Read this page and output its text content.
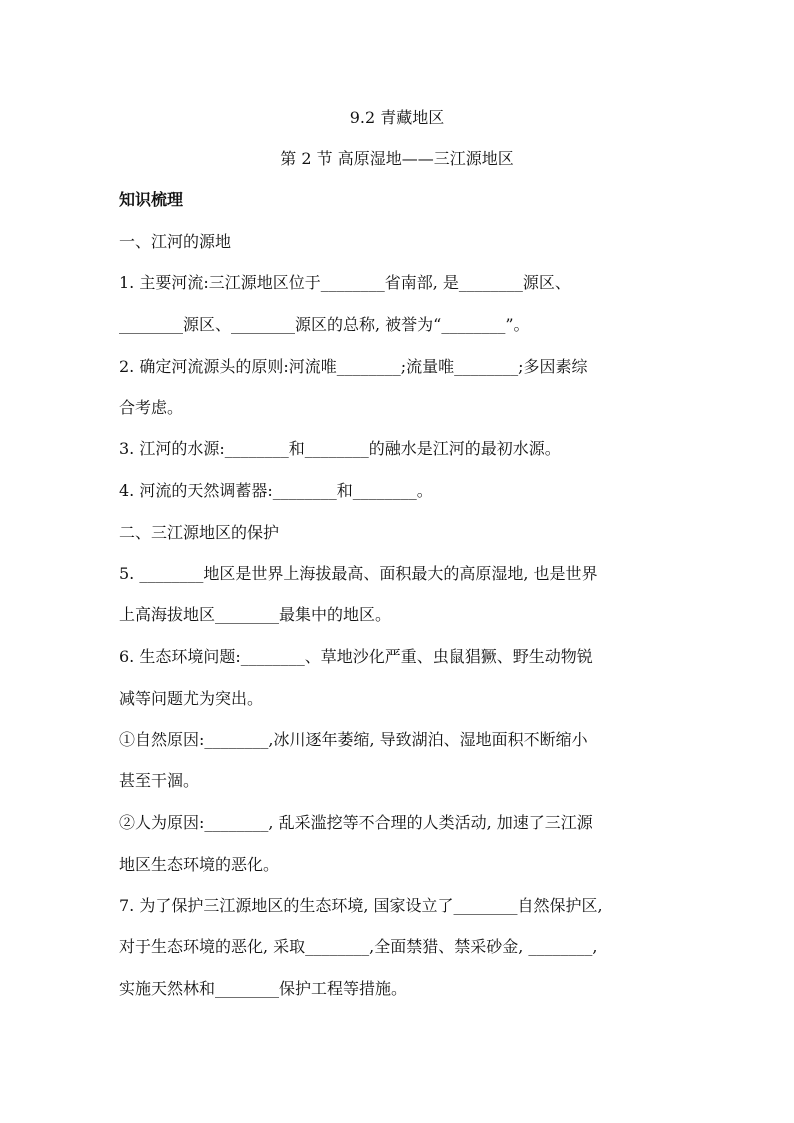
9.2 青藏地区
第 2 节 高原湿地——三江源地区
知识梳理
一、江河的源地
1. 主要河流:三江源地区位于________省南部, 是________源区、
________源区、________源区的总称, 被誉为“________”。
2. 确定河流源头的原则:河流唯________;流量唯________;多因素综
合考虑。
3. 江河的水源:________和________的融水是江河的最初水源。
4. 河流的天然调蓄器:________和________。
二、三江源地区的保护
5. ________地区是世界上海拔最高、面积最大的高原湿地, 也是世界
上高海拔地区________最集中的地区。
6. 生态环境问题:________、草地沙化严重、虫鼠猖獗、野生动物锐
减等问题尤为突出。
①自然原因:________,冰川逐年萎缩, 导致湖泊、湿地面积不断缩小
甚至干涸。
②人为原因:________, 乱采滥挖等不合理的人类活动, 加速了三江源
地区生态环境的恶化。
7. 为了保护三江源地区的生态环境, 国家设立了________自然保护区,
对于生态环境的恶化, 采取________,全面禁猎、禁采砂金, ________,
实施天然林和________保护工程等措施。
